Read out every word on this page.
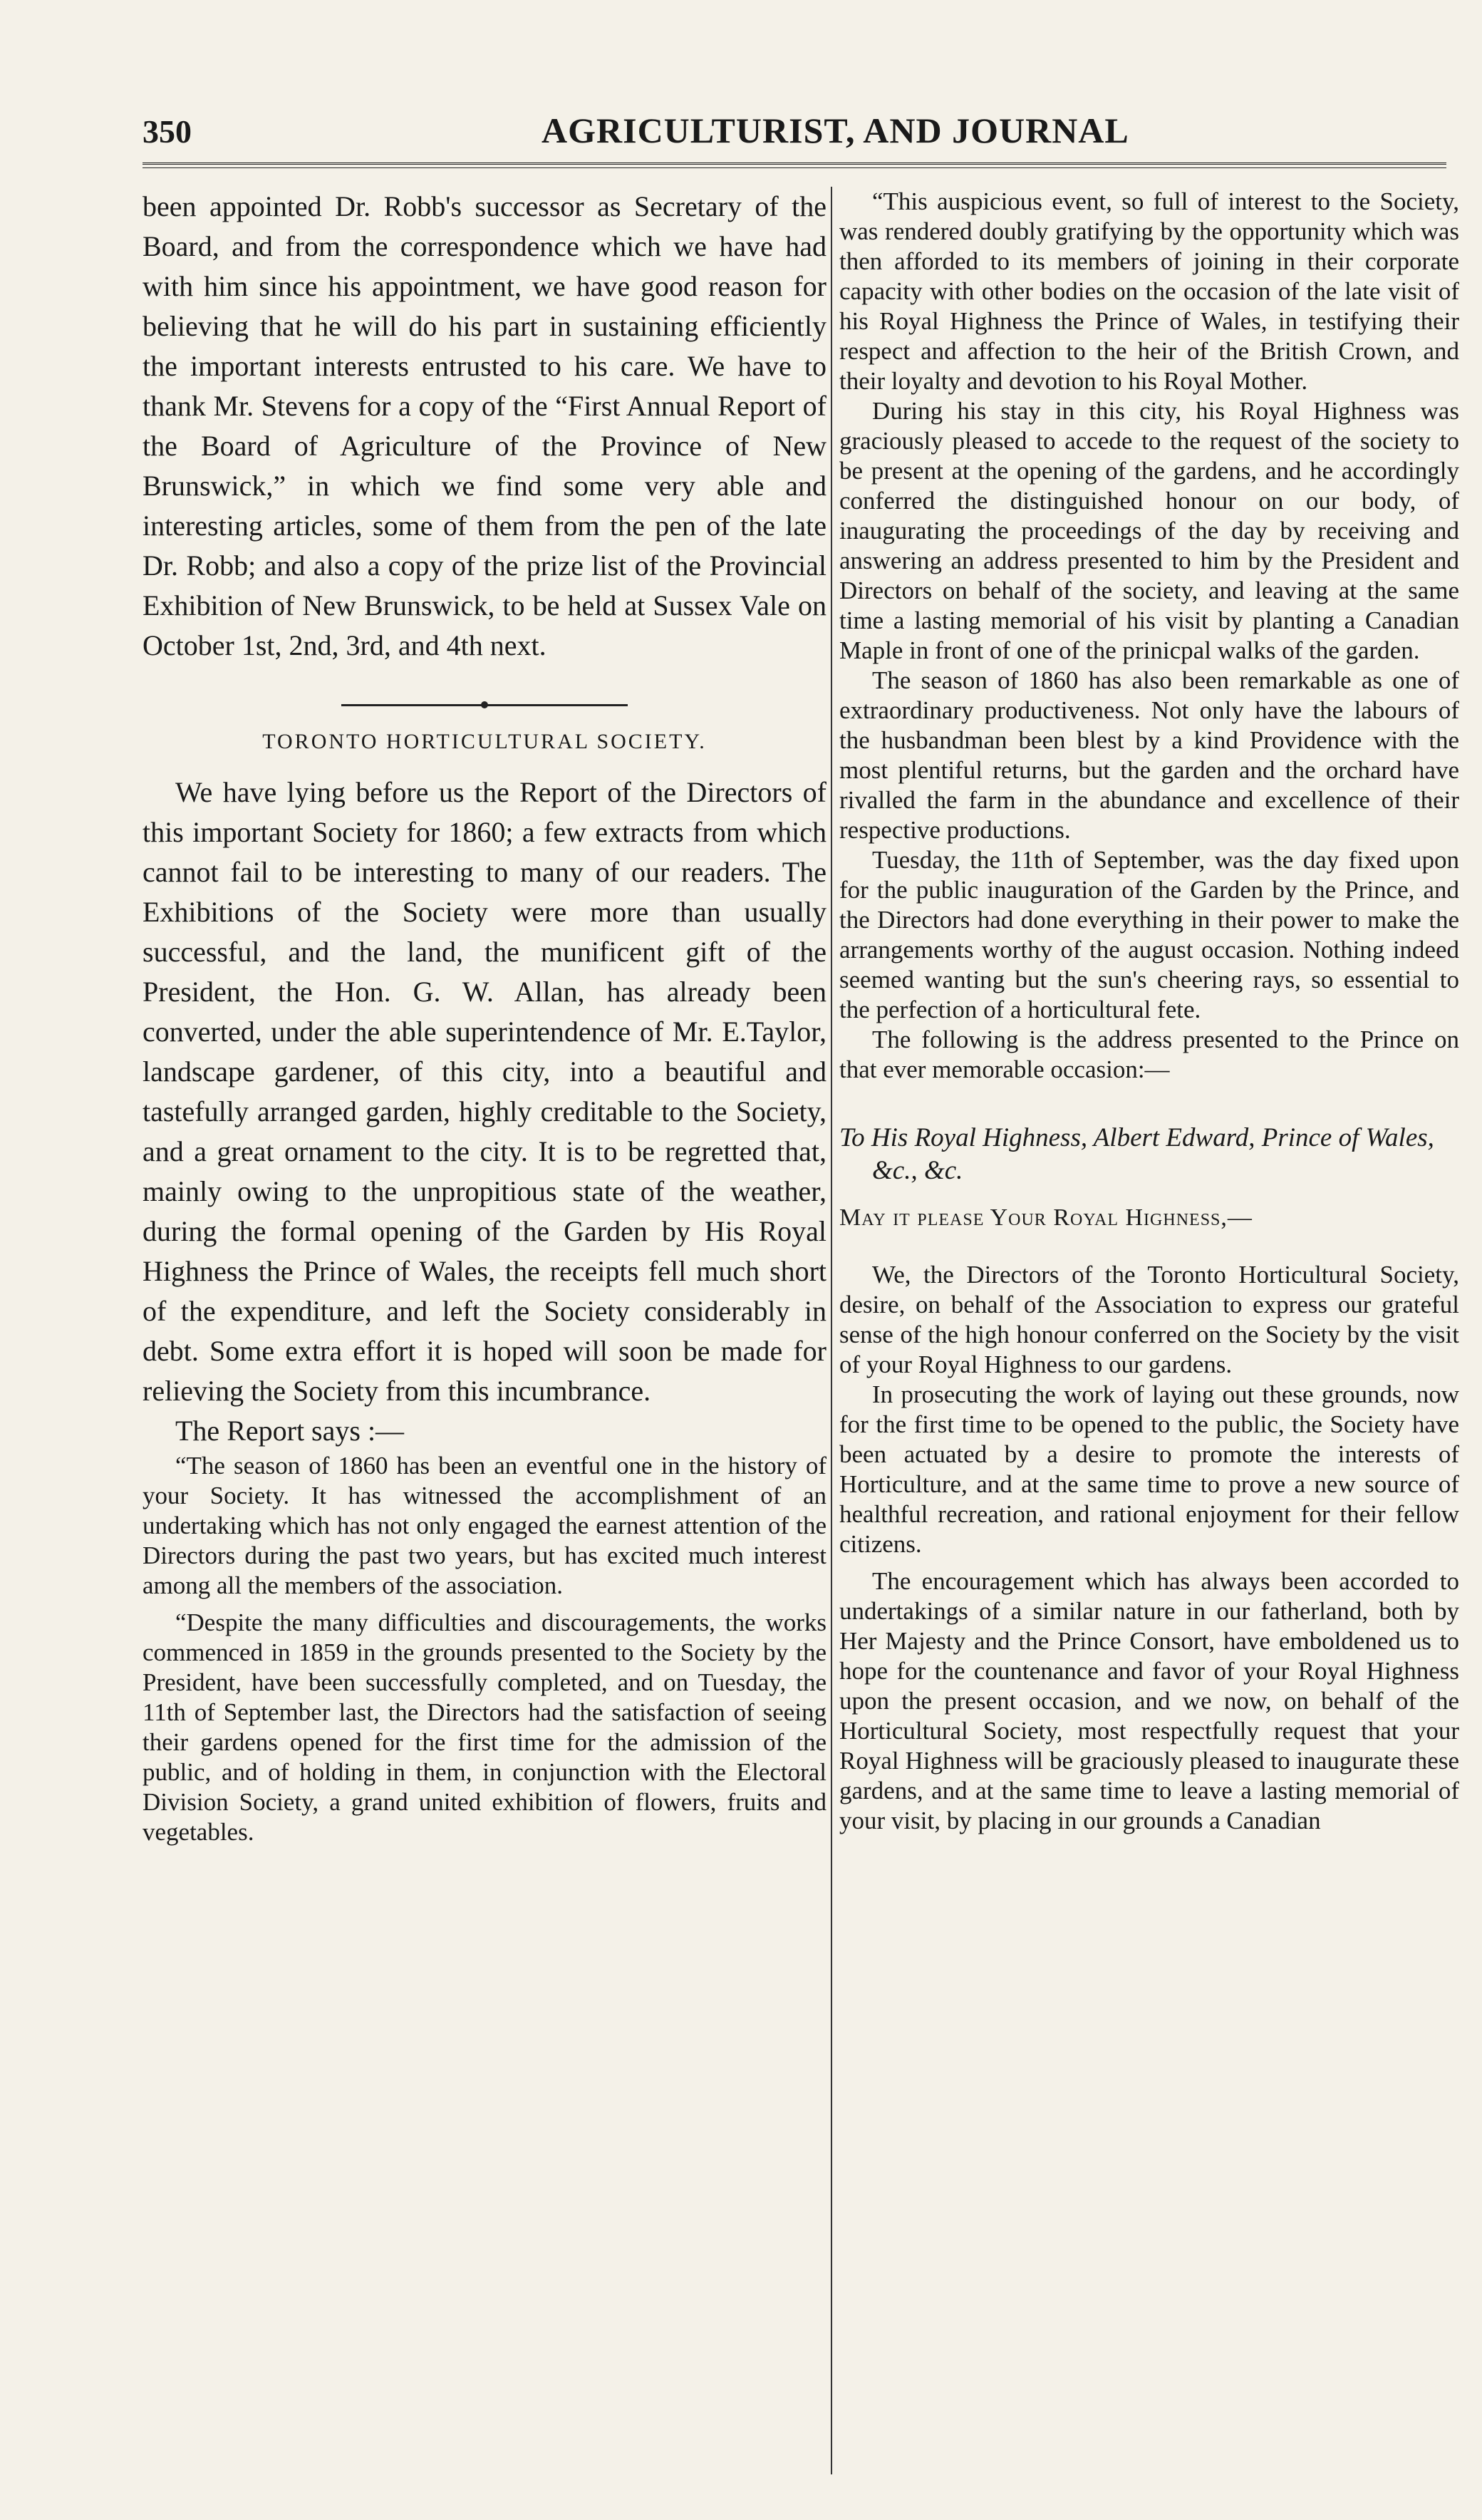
350	AGRICULTURIST, AND JOURNAL

been appointed Dr. Robb's successor as Secretary of the Board, and from the correspondence which we have had with him since his appointment, we have good reason for believing that he will do his part in sustaining efficiently the important interests entrusted to his care. We have to thank Mr. Stevens for a copy of the “First Annual Report of the Board of Agriculture of the Province of New Brunswick,” in which we find some very able and interesting articles, some of them from the pen of the late Dr. Robb; and also a copy of the prize list of the Provincial Exhibition of New Brunswick, to be held at Sussex Vale on October 1st, 2nd, 3rd, and 4th next.

TORONTO HORTICULTURAL SOCIETY.

We have lying before us the Report of the Directors of this important Society for 1860; a few extracts from which cannot fail to be interesting to many of our readers. The Exhibitions of the Society were more than usually successful, and the land, the munificent gift of the President, the Hon. G. W. Allan, has already been converted, under the able superintendence of Mr. E.Taylor, landscape gardener, of this city, into a beautiful and tastefully arranged garden, highly creditable to the Society, and a great ornament to the city. It is to be regretted that, mainly owing to the unpropitious state of the weather, during the formal opening of the Garden by His Royal Highness the Prince of Wales, the receipts fell much short of the expenditure, and left the Society considerably in debt. Some extra effort it is hoped will soon be made for relieving the Society from this incumbrance.

The Report says :—

“The season of 1860 has been an eventful one in the history of your Society. It has witnessed the accomplishment of an undertaking which has not only engaged the earnest attention of the Directors during the past two years, but has excited much interest among all the members of the association.

“Despite the many difficulties and discouragements, the works commenced in 1859 in the grounds presented to the Society by the President, have been successfully completed, and on Tuesday, the 11th of September last, the Directors had the satisfaction of seeing their gardens opened for the first time for the admission of the public, and of holding in them, in conjunction with the Electoral Division Society, a grand united exhibition of flowers, fruits and vegetables.

“This auspicious event, so full of interest to the Society, was rendered doubly gratifying by the opportunity which was then afforded to its members of joining in their corporate capacity with other bodies on the occasion of the late visit of his Royal Highness the Prince of Wales, in testifying their respect and affection to the heir of the British Crown, and their loyalty and devotion to his Royal Mother.

During his stay in this city, his Royal Highness was graciously pleased to accede to the request of the society to be present at the opening of the gardens, and he accordingly conferred the distinguished honour on our body, of inaugurating the proceedings of the day by receiving and answering an address presented to him by the President and Directors on behalf of the society, and leaving at the same time a lasting memorial of his visit by planting a Canadian Maple in front of one of the prinicpal walks of the garden.

The season of 1860 has also been remarkable as one of extraordinary productiveness. Not only have the labours of the husbandman been blest by a kind Providence with the most plentiful returns, but the garden and the orchard have rivalled the farm in the abundance and excellence of their respective productions.

Tuesday, the 11th of September, was the day fixed upon for the public inauguration of the Garden by the Prince, and the Directors had done everything in their power to make the arrangements worthy of the august occasion. Nothing indeed seemed wanting but the sun's cheering rays, so essential to the perfection of a horticultural fete.

The following is the address presented to the Prince on that ever memorable occasion:—

To His Royal Highness, Albert Edward, Prince of Wales, &c., &c.
May it please Your Royal Highness,—

We, the Directors of the Toronto Horticultural Society, desire, on behalf of the Association to express our grateful sense of the high honour conferred on the Society by the visit of your Royal Highness to our gardens.

In prosecuting the work of laying out these grounds, now for the first time to be opened to the public, the Society have been actuated by a desire to promote the interests of Horticulture, and at the same time to prove a new source of healthful recreation, and rational enjoyment for their fellow citizens.

The encouragement which has always been accorded to undertakings of a similar nature in our fatherland, both by Her Majesty and the Prince Consort, have emboldened us to hope for the countenance and favor of your Royal Highness upon the present occasion, and we now, on behalf of the Horticultural Society, most respectfully request that your Royal Highness will be graciously pleased to inaugurate these gardens, and at the same time to leave a lasting memorial of your visit, by placing in our grounds a Canadian
